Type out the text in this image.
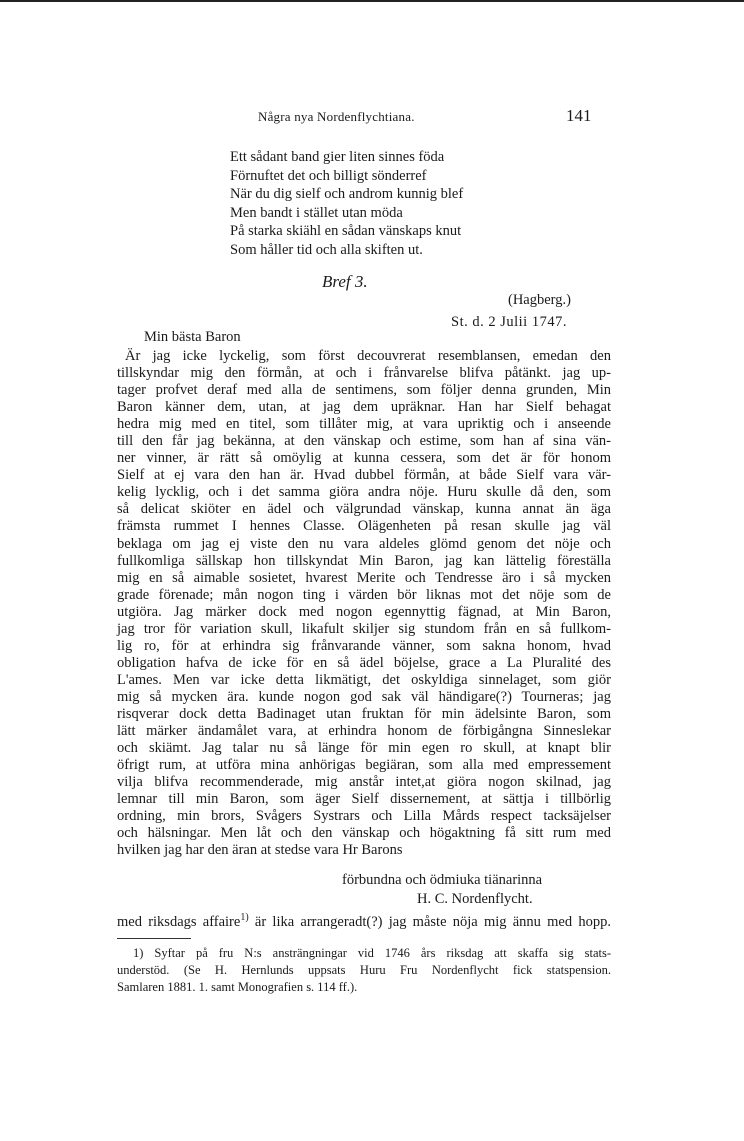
Några nya Nordenflychtiana.	141
Ett sådant band gier liten sinnes föda
Förnuftet det och billigt sönderref
När du dig sielf och androm kunnig blef
Men bandt i stället utan möda
På starka skiähl en sådan vänskaps knut
Som håller tid och alla skiften ut.
Bref 3.
(Hagberg.)
St. d. 2 Julii 1747.
Min bästa Baron
Är jag icke lyckelig, som först decouvrerat resemblansen, emedan den
tillskyndar mig den förmån, at och i frånvarelse blifva påtänkt. jag up-
tager profvet deraf med alla de sentimens, som följer denna grunden, Min
Baron känner dem, utan, at jag dem upräknar. Han har Sielf behagat
hedra mig med en titel, som tillåter mig, at vara upriktig och i anseende
till den får jag bekänna, at den vänskap och estime, som han af sina vän-
ner vinner, är rätt så omöylig at kunna cessera, som det är för honom
Sielf at ej vara den han är. Hvad dubbel förmån, at både Sielf vara vär-
kelig lycklig, och i det samma giöra andra nöje. Huru skulle då den, som
så delicat skiöter en ädel och välgrundad vänskap, kunna annat än äga
främsta rummet I hennes Classe. Olägenheten på resan skulle jag väl
beklaga om jag ej viste den nu vara aldeles glömd genom det nöje och
fullkomliga sällskap hon tillskyndat Min Baron, jag kan lättelig föreställa
mig en så aimable sosietet, hvarest Merite och Tendresse äro i så mycken
grade förenade; mån nogon ting i värden bör liknas mot det nöje som de
utgiöra. Jag märker dock med nogon egennyttig fägnad, at Min Baron,
jag tror för variation skull, likafult skiljer sig stundom från en så fullkom-
lig ro, för at erhindra sig frånvarande vänner, som sakna honom, hvad
obligation hafva de icke för en så ädel böjelse, grace a La Pluralité des
L'ames. Men var icke detta likmätigt, det oskyldiga sinnelaget, som giör
mig så mycken ära. kunde nogon god sak väl händigare(?) Tourneras; jag
risqverar dock detta Badinaget utan fruktan för min ädelsinte Baron, som
lätt märker ändamålet vara, at erhindra honom de förbigångna Sinneslekar
och skiämt. Jag talar nu så länge för min egen ro skull, at knapt blir
öfrigt rum, at utföra mina anhörigas begiäran, som alla med empressement
vilja blifva recommenderade, mig anstår intet,at giöra nogon skilnad, jag
lemnar till min Baron, som äger Sielf dissernement, at sättja i tillbörlig
ordning, min brors, Svågers Systrars och Lilla Mårds respect tacksäjelser
och hälsningar. Men låt och den vänskap och högaktning få sitt rum med
hvilken jag har den äran at stedse vara Hr Barons
förbundna och ödmiuka tiänarinna
H. C. Nordenflycht.
med riksdags affaire$^{1)}$ är lika arrangeradt(?) jag måste nöja mig ännu med hopp.
1) Syftar på fru N:s ansträngningar vid 1746 års riksdag att skaffa sig stats-
understöd. (Se H. Hernlunds uppsats Huru Fru Nordenflycht fick statspension.
Samlaren 1881. 1. samt Monografien s. 114 ff.).
